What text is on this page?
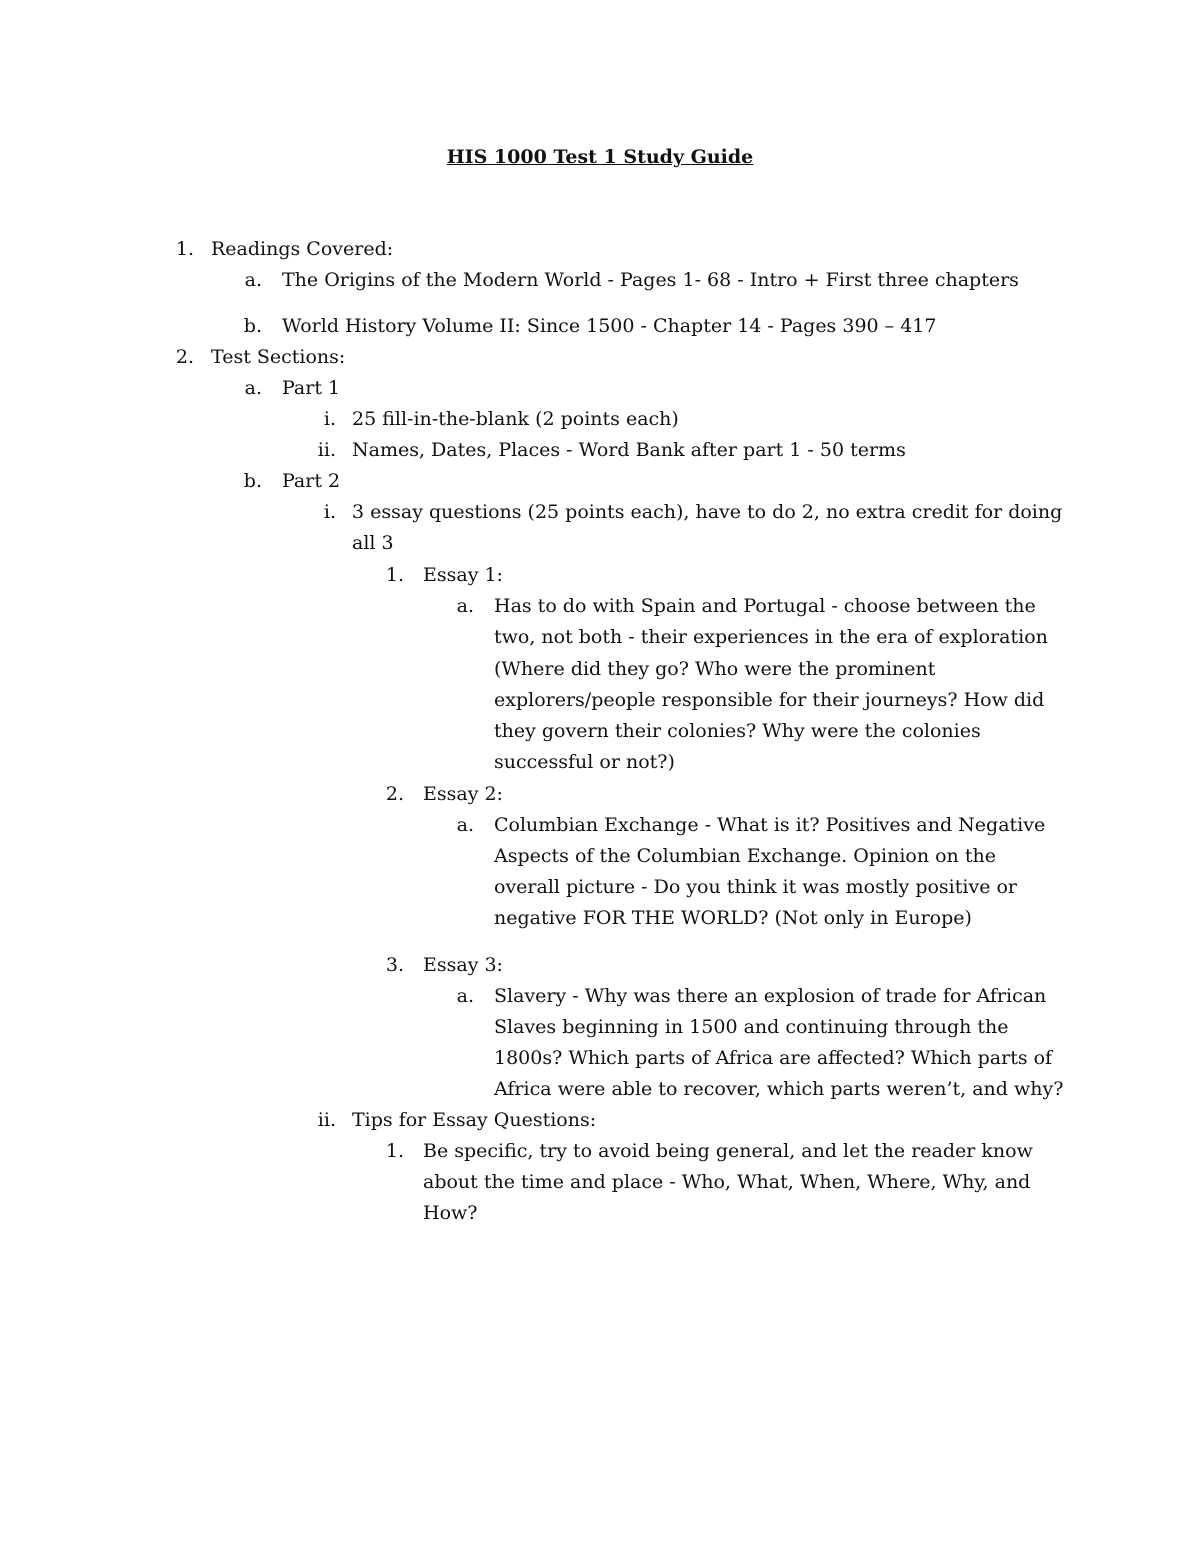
HIS 1000 Test 1 Study Guide
1. Readings Covered:
a. The Origins of the Modern World - Pages 1- 68 - Intro + First three chapters
b. World History Volume II: Since 1500 - Chapter 14 - Pages 390 – 417
2. Test Sections:
a. Part 1
i. 25 fill-in-the-blank (2 points each)
ii. Names, Dates, Places - Word Bank after part 1 - 50 terms
b. Part 2
i. 3 essay questions (25 points each), have to do 2, no extra credit for doing
all 3
1. Essay 1:
a. Has to do with Spain and Portugal - choose between the
two, not both - their experiences in the era of exploration
(Where did they go? Who were the prominent
explorers/people responsible for their journeys? How did
they govern their colonies? Why were the colonies
successful or not?)
2. Essay 2:
a. Columbian Exchange - What is it? Positives and Negative
Aspects of the Columbian Exchange. Opinion on the
overall picture - Do you think it was mostly positive or
negative FOR THE WORLD? (Not only in Europe)
3. Essay 3:
a. Slavery - Why was there an explosion of trade for African
Slaves beginning in 1500 and continuing through the
1800s? Which parts of Africa are affected? Which parts of
Africa were able to recover, which parts weren’t, and why?
ii. Tips for Essay Questions:
1. Be specific, try to avoid being general, and let the reader know
about the time and place - Who, What, When, Where, Why, and
How?
